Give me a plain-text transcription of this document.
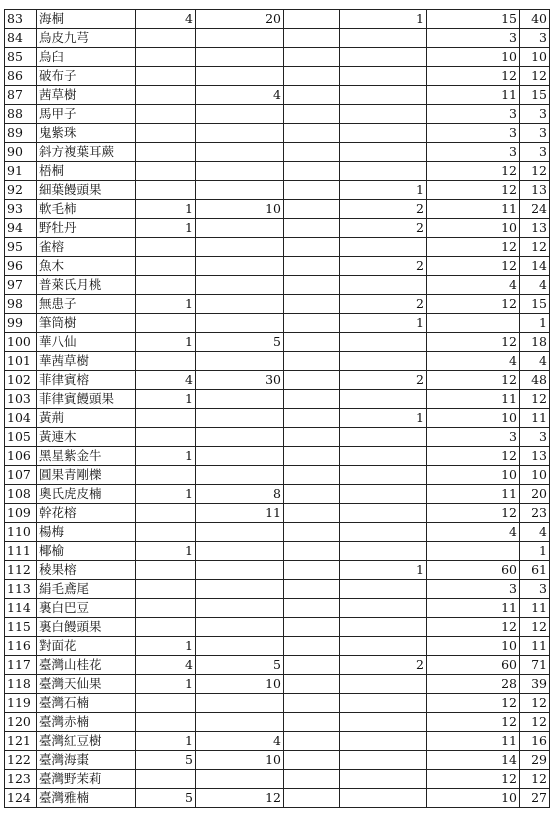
83	海桐	4	20		1	15	40
84	烏皮九芎					3	3
85	烏臼					10	10
86	破布子					12	12
87	茜草樹		4			11	15
88	馬甲子					3	3
89	鬼紫珠					3	3
90	斜方複葉耳蕨					3	3
91	梧桐					12	12
92	細葉饅頭果				1	12	13
93	軟毛柿	1	10		2	11	24
94	野牡丹	1			2	10	13
95	雀榕					12	12
96	魚木				2	12	14
97	普萊氏月桃					4	4
98	無患子	1			2	12	15
99	筆筒樹				1		1
100	華八仙	1	5			12	18
101	華茜草樹					4	4
102	菲律賓榕	4	30		2	12	48
103	菲律賓饅頭果	1				11	12
104	黃荊				1	10	11
105	黃連木					3	3
106	黑星紫金牛	1				12	13
107	圓果青剛櫟					10	10
108	奧氏虎皮楠	1	8			11	20
109	幹花榕		11			12	23
110	楊梅					4	4
111	椰榆	1					1
112	稜果榕				1	60	61
113	絹毛鳶尾					3	3
114	裏白巴豆					11	11
115	裏白饅頭果					12	12
116	對面花	1				10	11
117	臺灣山桂花	4	5		2	60	71
118	臺灣天仙果	1	10			28	39
119	臺灣石楠					12	12
120	臺灣赤楠					12	12
121	臺灣紅豆樹	1	4			11	16
122	臺灣海棗	5	10			14	29
123	臺灣野茉莉					12	12
124	臺灣雅楠	5	12			10	27
